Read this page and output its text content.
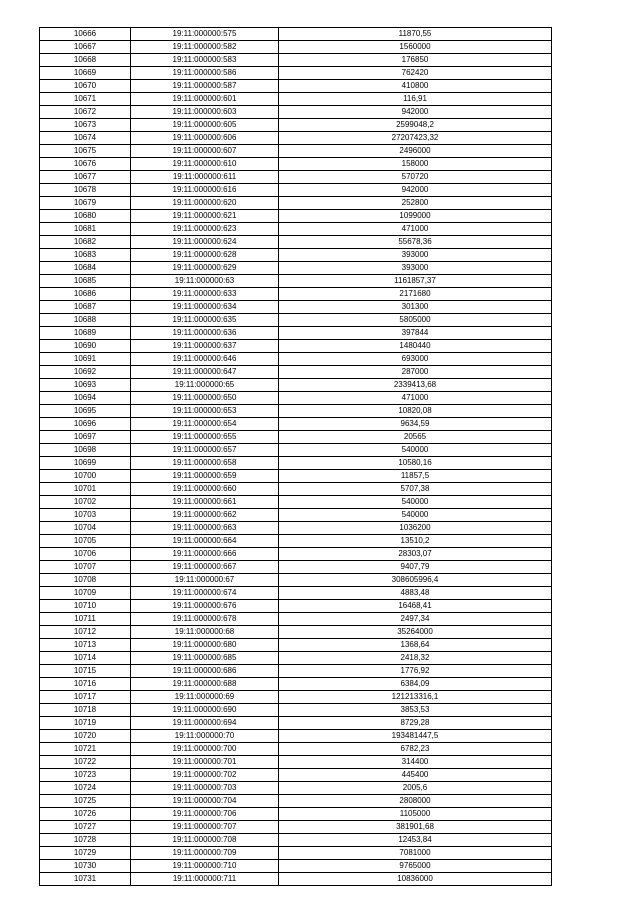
10666	19:11:000000:575	11870,55
10667	19:11:000000:582	1560000
10668	19:11:000000:583	176850
10669	19:11:000000:586	762420
10670	19:11:000000:587	410800
10671	19:11:000000:601	116,91
10672	19:11:000000:603	942000
10673	19:11:000000:605	2599048,2
10674	19:11:000000:606	27207423,32
10675	19:11:000000:607	2496000
10676	19:11:000000:610	158000
10677	19:11:000000:611	570720
10678	19:11:000000:616	942000
10679	19:11:000000:620	252800
10680	19:11:000000:621	1099000
10681	19:11:000000:623	471000
10682	19:11:000000:624	55678,36
10683	19:11:000000:628	393000
10684	19:11:000000:629	393000
10685	19:11:000000:63	1161857,37
10686	19:11:000000:633	2171680
10687	19:11:000000:634	301300
10688	19:11:000000:635	5805000
10689	19:11:000000:636	397844
10690	19:11:000000:637	1480440
10691	19:11:000000:646	693000
10692	19:11:000000:647	287000
10693	19:11:000000:65	2339413,68
10694	19:11:000000:650	471000
10695	19:11:000000:653	10820,08
10696	19:11:000000:654	9634,59
10697	19:11:000000:655	20565
10698	19:11:000000:657	540000
10699	19:11:000000:658	10580,16
10700	19:11:000000:659	11857,5
10701	19:11:000000:660	5707,38
10702	19:11:000000:661	540000
10703	19:11:000000:662	540000
10704	19:11:000000:663	1036200
10705	19:11:000000:664	13510,2
10706	19:11:000000:666	28303,07
10707	19:11:000000:667	9407,79
10708	19:11:000000:67	308605996,4
10709	19:11:000000:674	4883,48
10710	19:11:000000:676	16468,41
10711	19:11:000000:678	2497,34
10712	19:11:000000:68	35264000
10713	19:11:000000:680	1368,64
10714	19:11:000000:685	2418,32
10715	19:11:000000:686	1776,92
10716	19:11:000000:688	6384,09
10717	19:11:000000:69	121213316,1
10718	19:11:000000:690	3853,53
10719	19:11:000000:694	8729,28
10720	19:11:000000:70	193481447,5
10721	19:11:000000:700	6782,23
10722	19:11:000000:701	314400
10723	19:11:000000:702	445400
10724	19:11:000000:703	2005,6
10725	19:11:000000:704	2808000
10726	19:11:000000:706	1105000
10727	19:11:000000:707	381901,68
10728	19:11:000000:708	12453,84
10729	19:11:000000:709	7081000
10730	19:11:000000:710	9765000
10731	19:11:000000:711	10836000
